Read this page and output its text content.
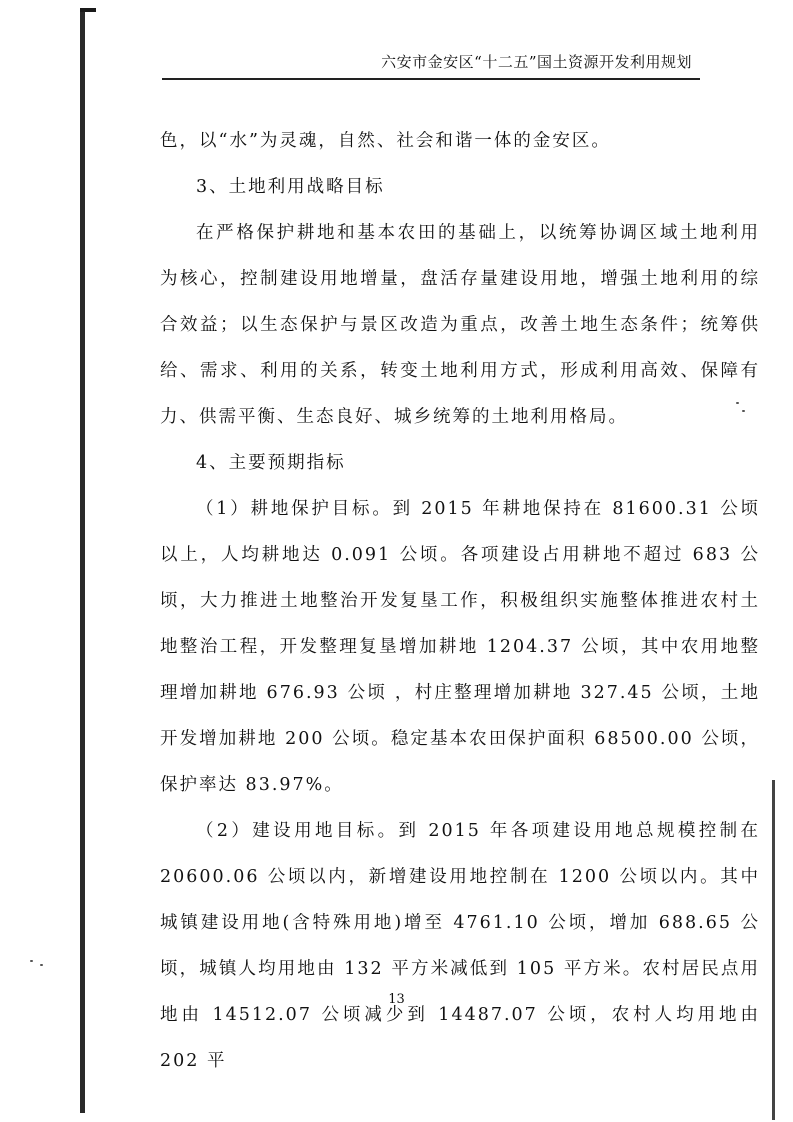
六安市金安区“十二五”国土资源开发利用规划

色，以“水”为灵魂，自然、社会和谐一体的金安区。

3、土地利用战略目标

在严格保护耕地和基本农田的基础上，以统筹协调区域土地利用为核心，控制建设用地增量，盘活存量建设用地，增强土地利用的综合效益；以生态保护与景区改造为重点，改善土地生态条件；统筹供给、需求、利用的关系，转变土地利用方式，形成利用高效、保障有力、供需平衡、生态良好、城乡统筹的土地利用格局。

4、主要预期指标

（1）耕地保护目标。到 2015 年耕地保持在 81600.31 公顷以上，人均耕地达 0.091 公顷。各项建设占用耕地不超过 683 公顷，大力推进土地整治开发复垦工作，积极组织实施整体推进农村土地整治工程，开发整理复垦增加耕地 1204.37 公顷，其中农用地整理增加耕地 676.93 公顷 ，村庄整理增加耕地 327.45 公顷，土地开发增加耕地 200 公顷。稳定基本农田保护面积 68500.00 公顷，保护率达 83.97%。

（2）建设用地目标。到 2015 年各项建设用地总规模控制在 20600.06 公顷以内，新增建设用地控制在 1200 公顷以内。其中城镇建设用地(含特殊用地)增至 4761.10 公顷，增加 688.65 公顷，城镇人均用地由 132 平方米减低到 105 平方米。农村居民点用地由 14512.07 公顷减少到 14487.07 公顷，农村人均用地由 202 平

13
